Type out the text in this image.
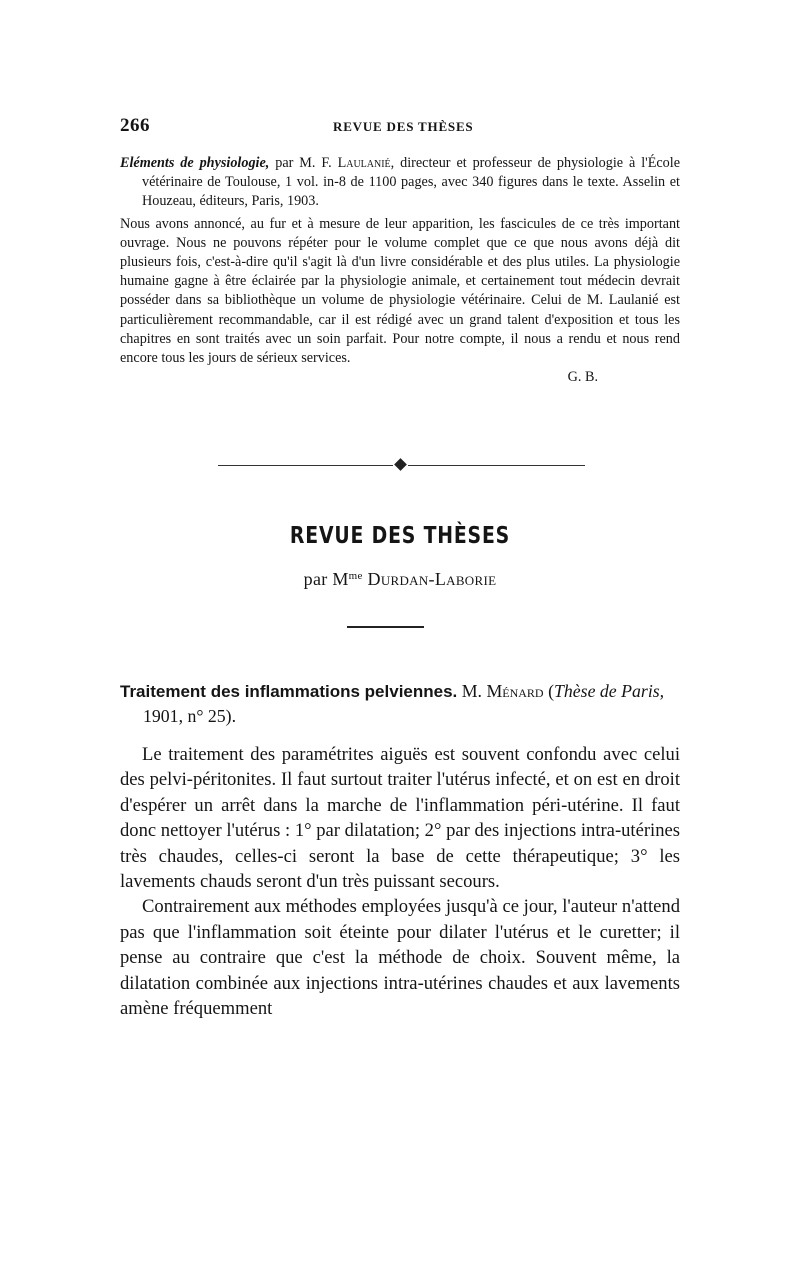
266	REVUE DES THÈSES

Eléments de physiologie, par M. F. Laulanié, directeur et professeur de physiologie à l'École vétérinaire de Toulouse, 1 vol. in-8 de 1100 pages, avec 340 figures dans le texte. Asselin et Houzeau, éditeurs, Paris, 1903.

Nous avons annoncé, au fur et à mesure de leur apparition, les fascicules de ce très important ouvrage. Nous ne pouvons répéter pour le volume complet que ce que nous avons déjà dit plusieurs fois, c'est-à-dire qu'il s'agit là d'un livre considérable et des plus utiles. La physiologie humaine gagne à être éclairée par la physiologie animale, et certainement tout médecin devrait posséder dans sa bibliothèque un volume de physiologie vétérinaire. Celui de M. Laulanié est particulièrement recommandable, car il est rédigé avec un grand talent d'exposition et tous les chapitres en sont traités avec un soin parfait. Pour notre compte, il nous a rendu et nous rend encore tous les jours de sérieux services.

G. B.

REVUE DES THÈSES
par $M^{me}$ Durdan-Laborie

Traitement des inflammations pelviennes. M. Ménard (Thèse de Paris, 1901, n° 25).

Le traitement des paramétrites aiguës est souvent confondu avec celui des pelvi-péritonites. Il faut surtout traiter l'utérus infecté, et on est en droit d'espérer un arrêt dans la marche de l'inflammation péri-utérine. Il faut donc nettoyer l'utérus : 1° par dilatation; 2° par des injections intra-utérines très chaudes, celles-ci seront la base de cette thérapeutique; 3° les lavements chauds seront d'un très puissant secours.

Contrairement aux méthodes employées jusqu'à ce jour, l'auteur n'attend pas que l'inflammation soit éteinte pour dilater l'utérus et le curetter; il pense au contraire que c'est la méthode de choix. Souvent même, la dilatation combinée aux injections intra-utérines chaudes et aux lavements amène fréquemment
